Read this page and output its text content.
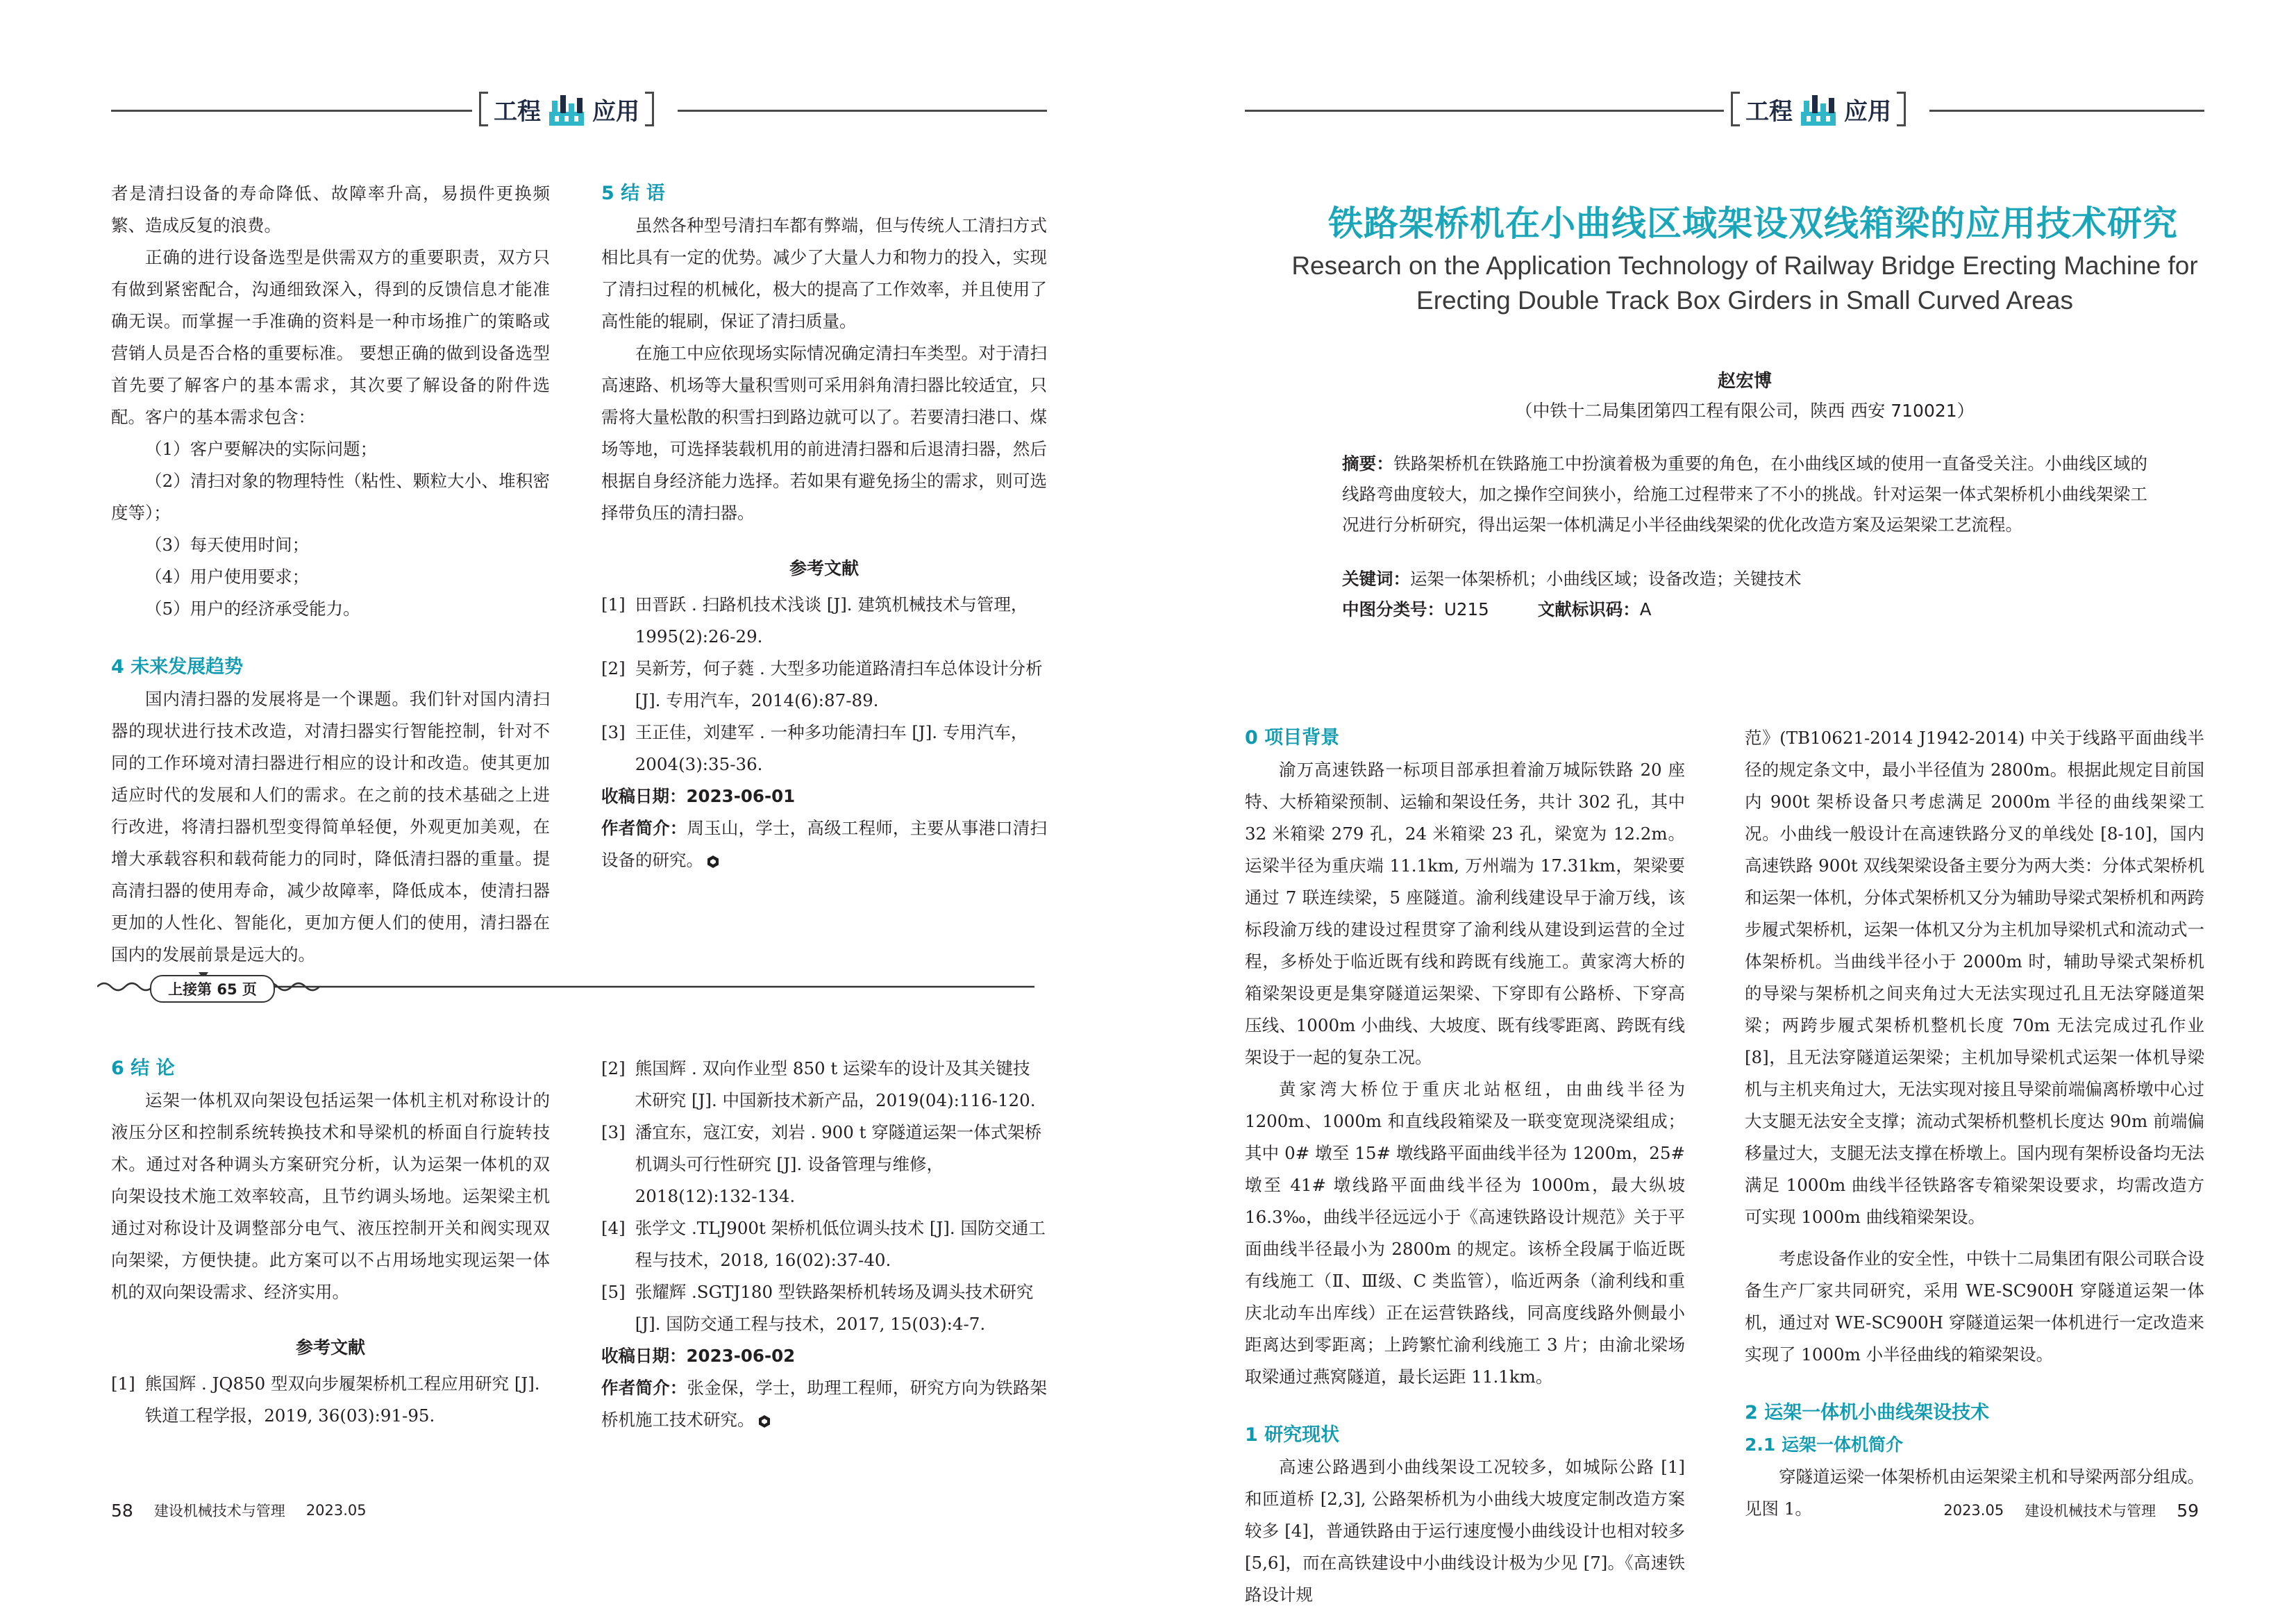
工程 应用

者是清扫设备的寿命降低、故障率升高，易损件更换频繁、造成反复的浪费。

正确的进行设备选型是供需双方的重要职责，双方只有做到紧密配合，沟通细致深入，得到的反馈信息才能准确无误。而掌握一手准确的资料是一种市场推广的策略或营销人员是否合格的重要标准。 要想正确的做到设备选型首先要了解客户的基本需求，其次要了解设备的附件选配。客户的基本需求包含：

（1）客户要解决的实际问题；

（2）清扫对象的物理特性（粘性、颗粒大小、堆积密度等）；

（3）每天使用时间；

（4）用户使用要求；

（5）用户的经济承受能力。

4 未来发展趋势

国内清扫器的发展将是一个课题。我们针对国内清扫器的现状进行技术改造，对清扫器实行智能控制，针对不同的工作环境对清扫器进行相应的设计和改造。使其更加适应时代的发展和人们的需求。在之前的技术基础之上进行改进，将清扫器机型变得简单轻便，外观更加美观，在增大承载容积和载荷能力的同时，降低清扫器的重量。提高清扫器的使用寿命，减少故障率，降低成本，使清扫器更加的人性化、智能化，更加方便人们的使用，清扫器在国内的发展前景是远大的。

5 结 语

虽然各种型号清扫车都有弊端，但与传统人工清扫方式相比具有一定的优势。减少了大量人力和物力的投入，实现了清扫过程的机械化，极大的提高了工作效率，并且使用了高性能的辊刷，保证了清扫质量。

在施工中应依现场实际情况确定清扫车类型。对于清扫高速路、机场等大量积雪则可采用斜角清扫器比较适宜，只需将大量松散的积雪扫到路边就可以了。若要清扫港口、煤场等地，可选择装载机用的前进清扫器和后退清扫器，然后根据自身经济能力选择。若如果有避免扬尘的需求，则可选择带负压的清扫器。

参考文献
[1] 田晋跃 . 扫路机技术浅谈 [J]. 建筑机械技术与管理，1995(2):26-29.
[2] 吴新芳，何子蕤 . 大型多功能道路清扫车总体设计分析 [J]. 专用汽车，2014(6):87-89.
[3] 王正佳，刘建军 . 一种多功能清扫车 [J]. 专用汽车，2004(3):35-36.

收稿日期：2023-06-01

作者简介：周玉山，学士，高级工程师，主要从事港口清扫设备的研究。

上接第 65 页
6 结 论

运架一体机双向架设包括运架一体机主机对称设计的液压分区和控制系统转换技术和导梁机的桥面自行旋转技术。通过对各种调头方案研究分析，认为运架一体机的双向架设技术施工效率较高，且节约调头场地。运架梁主机通过对称设计及调整部分电气、液压控制开关和阀实现双向架梁，方便快捷。此方案可以不占用场地实现运架一体机的双向架设需求、经济实用。

参考文献
[1] 熊国辉 . JQ850 型双向步履架桥机工程应用研究 [J]. 铁道工程学报，2019, 36(03):91-95.
[2] 熊国辉 . 双向作业型 850 t 运梁车的设计及其关键技术研究 [J]. 中国新技术新产品，2019(04):116-120.
[3] 潘宜东，寇江安，刘岩 . 900 t 穿隧道运架一体式架桥机调头可行性研究 [J]. 设备管理与维修，2018(12):132-134.
[4] 张学文 .TLJ900t 架桥机低位调头技术 [J]. 国防交通工程与技术，2018, 16(02):37-40.
[5] 张耀辉 .SGTJ180 型铁路架桥机转场及调头技术研究 [J]. 国防交通工程与技术，2017, 15(03):4-7.

收稿日期：2023-06-02

作者简介：张金保，学士，助理工程师，研究方向为铁路架桥机施工技术研究。

58 建设机械技术与管理 2023.05
工程 应用
铁路架桥机在小曲线区域架设双线箱梁的应用技术研究
Research on the Application Technology of Railway Bridge Erecting Machine for
Erecting Double Track Box Girders in Small Curved Areas
赵宏博
（中铁十二局集团第四工程有限公司，陕西 西安 710021）

摘要：铁路架桥机在铁路施工中扮演着极为重要的角色，在小曲线区域的使用一直备受关注。小曲线区域的线路弯曲度较大，加之操作空间狭小，给施工过程带来了不小的挑战。针对运架一体式架桥机小曲线架梁工况进行分析研究，得出运架一体机满足小半径曲线架梁的优化改造方案及运架梁工艺流程。

关键词：运架一体架桥机；小曲线区域；设备改造；关键技术

中图分类号：U215	文献标识码：A

0 项目背景

渝万高速铁路一标项目部承担着渝万城际铁路 20 座特、大桥箱梁预制、运输和架设任务，共计 302 孔，其中 32 米箱梁 279 孔，24 米箱梁 23 孔，梁宽为 12.2m。运梁半径为重庆端 11.1km, 万州端为 17.31km，架梁要通过 7 联连续梁，5 座隧道。渝利线建设早于渝万线，该标段渝万线的建设过程贯穿了渝利线从建设到运营的全过程，多桥处于临近既有线和跨既有线施工。黄家湾大桥的箱梁架设更是集穿隧道运架梁、下穿即有公路桥、下穿高压线、1000m 小曲线、大坡度、既有线零距离、跨既有线架设于一起的复杂工况。

黄家湾大桥位于重庆北站枢纽，由曲线半径为 1200m、1000m 和直线段箱梁及一联变宽现浇梁组成；其中 0# 墩至 15# 墩线路平面曲线半径为 1200m，25# 墩至 41# 墩线路平面曲线半径为 1000m，最大纵坡 16.3‰，曲线半径远远小于《高速铁路设计规范》关于平面曲线半径最小为 2800m 的规定。该桥全段属于临近既有线施工（Ⅱ、Ⅲ级、C 类监管），临近两条（渝利线和重庆北动车出库线）正在运营铁路线，同高度线路外侧最小距离达到零距离；上跨繁忙渝利线施工 3 片；由渝北梁场取梁通过燕窝隧道，最长运距 11.1km。

1 研究现状

高速公路遇到小曲线架设工况较多，如城际公路 [1] 和匝道桥 [2,3], 公路架桥机为小曲线大坡度定制改造方案较多 [4]，普通铁路由于运行速度慢小曲线设计也相对较多 [5,6]，而在高铁建设中小曲线设计极为少见 [7]。《高速铁路设计规

范》(TB10621-2014 J1942-2014) 中关于线路平面曲线半径的规定条文中，最小半径值为 2800m。根据此规定目前国内 900t 架桥设备只考虑满足 2000m 半径的曲线架梁工况。小曲线一般设计在高速铁路分叉的单线处 [8-10]，国内高速铁路 900t 双线架梁设备主要分为两大类：分体式架桥机和运架一体机，分体式架桥机又分为辅助导梁式架桥机和两跨步履式架桥机，运架一体机又分为主机加导梁机式和流动式一体架桥机。当曲线半径小于 2000m 时，辅助导梁式架桥机的导梁与架桥机之间夹角过大无法实现过孔且无法穿隧道架梁；两跨步履式架桥机整机长度 70m 无法完成过孔作业 [8]，且无法穿隧道运架梁；主机加导梁机式运架一体机导梁机与主机夹角过大，无法实现对接且导梁前端偏离桥墩中心过大支腿无法安全支撑；流动式架桥机整机长度达 90m 前端偏移量过大，支腿无法支撑在桥墩上。国内现有架桥设备均无法满足 1000m 曲线半径铁路客专箱梁架设要求，均需改造方可实现 1000m 曲线箱梁架设。

考虑设备作业的安全性，中铁十二局集团有限公司联合设备生产厂家共同研究，采用 WE-SC900H 穿隧道运架一体机，通过对 WE-SC900H 穿隧道运架一体机进行一定改造来实现了 1000m 小半径曲线的箱梁架设。

2 运架一体机小曲线架设技术
2.1 运架一体机简介

穿隧道运梁一体架桥机由运架梁主机和导梁两部分组成。见图 1。	2023.05 建设机械技术与管理 59
